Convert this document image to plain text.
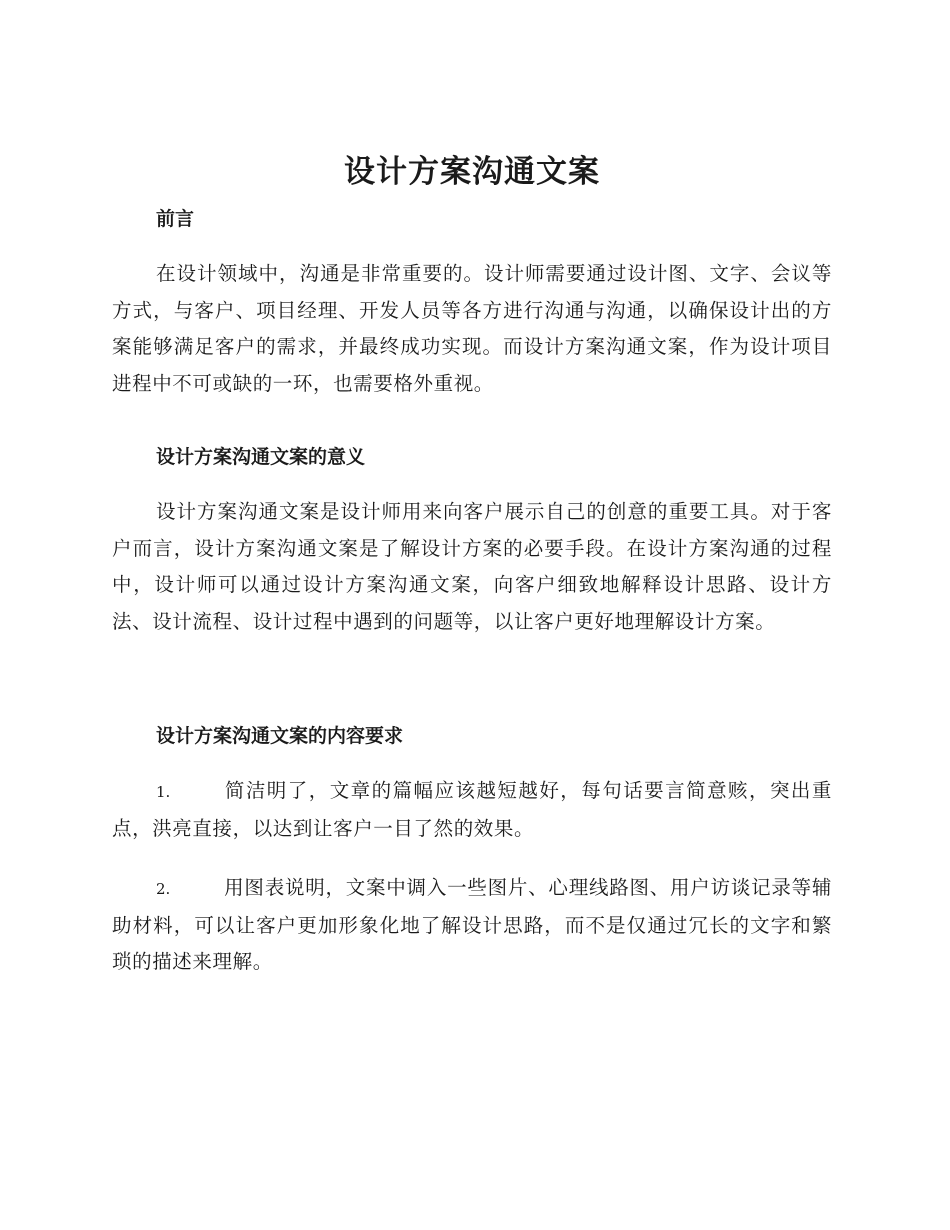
设计方案沟通文案
前言

在设计领域中，沟通是非常重要的。设计师需要通过设计图、文字、会议等方式，与客户、项目经理、开发人员等各方进行沟通与沟通，以确保设计出的方案能够满足客户的需求，并最终成功实现。而设计方案沟通文案，作为设计项目进程中不可或缺的一环，也需要格外重视。

设计方案沟通文案的意义

设计方案沟通文案是设计师用来向客户展示自己的创意的重要工具。对于客户而言，设计方案沟通文案是了解设计方案的必要手段。在设计方案沟通的过程中，设计师可以通过设计方案沟通文案，向客户细致地解释设计思路、设计方法、设计流程、设计过程中遇到的问题等，以让客户更好地理解设计方案。

设计方案沟通文案的内容要求

1.	简洁明了，文章的篇幅应该越短越好，每句话要言简意赅，突出重点，洪亮直接，以达到让客户一目了然的效果。

2.	用图表说明，文案中调入一些图片、心理线路图、用户访谈记录等辅助材料，可以让客户更加形象化地了解设计思路，而不是仅通过冗长的文字和繁琐的描述来理解。
